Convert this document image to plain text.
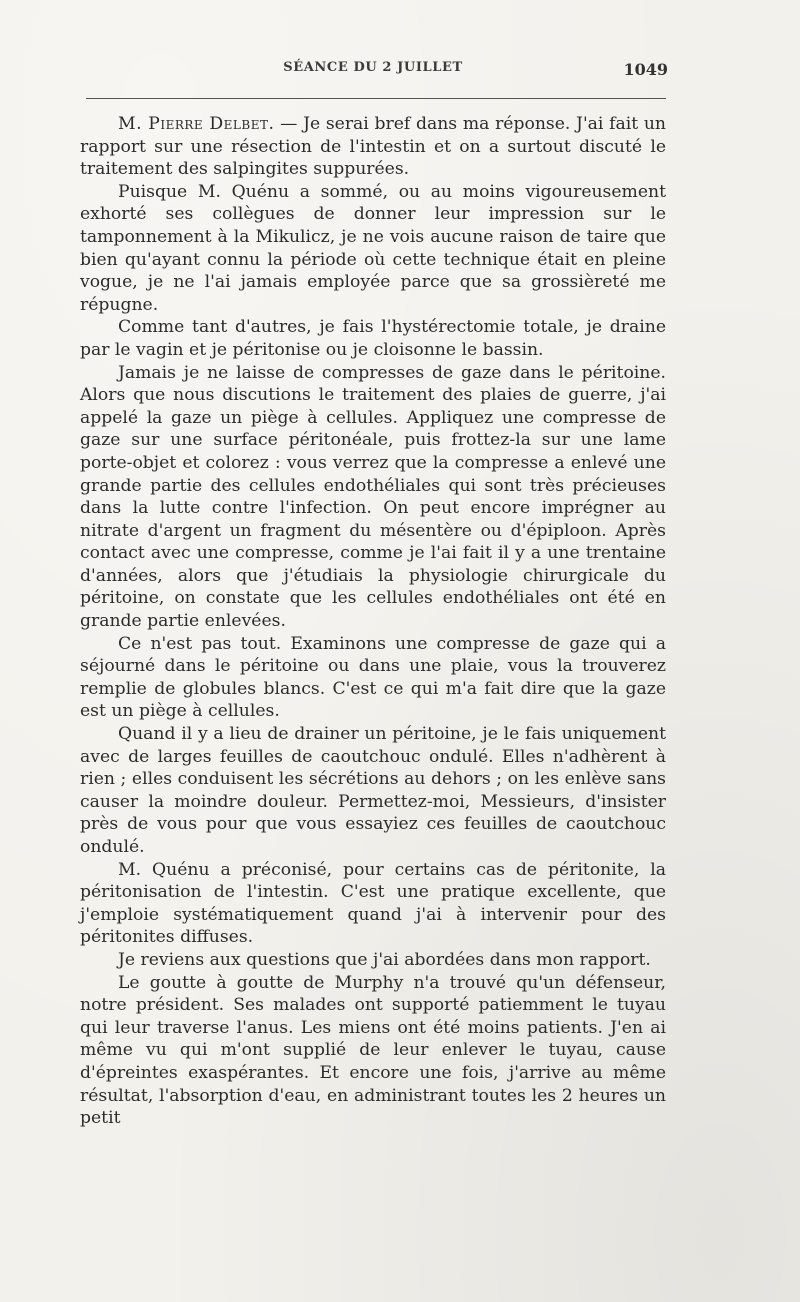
SÉANCE DU 2 JUILLET	1049

M. Pierre Delbet. — Je serai bref dans ma réponse. J'ai fait un rapport sur une résection de l'intestin et on a surtout discuté le traitement des salpingites suppurées.

Puisque M. Quénu a sommé, ou au moins vigoureusement exhorté ses collègues de donner leur impression sur le tamponnement à la Mikulicz, je ne vois aucune raison de taire que bien qu'ayant connu la période où cette technique était en pleine vogue, je ne l'ai jamais employée parce que sa grossièreté me répugne.

Comme tant d'autres, je fais l'hystérectomie totale, je draine par le vagin et je péritonise ou je cloisonne le bassin.

Jamais je ne laisse de compresses de gaze dans le péritoine. Alors que nous discutions le traitement des plaies de guerre, j'ai appelé la gaze un piège à cellules. Appliquez une compresse de gaze sur une surface péritonéale, puis frottez-la sur une lame porte-objet et colorez : vous verrez que la compresse a enlevé une grande partie des cellules endothéliales qui sont très précieuses dans la lutte contre l'infection. On peut encore imprégner au nitrate d'argent un fragment du mésentère ou d'épiploon. Après contact avec une compresse, comme je l'ai fait il y a une trentaine d'années, alors que j'étudiais la physiologie chirurgicale du péritoine, on constate que les cellules endothéliales ont été en grande partie enlevées.

Ce n'est pas tout. Examinons une compresse de gaze qui a séjourné dans le péritoine ou dans une plaie, vous la trouverez remplie de globules blancs. C'est ce qui m'a fait dire que la gaze est un piège à cellules.

Quand il y a lieu de drainer un péritoine, je le fais uniquement avec de larges feuilles de caoutchouc ondulé. Elles n'adhèrent à rien ; elles conduisent les sécrétions au dehors ; on les enlève sans causer la moindre douleur. Permettez-moi, Messieurs, d'insister près de vous pour que vous essayiez ces feuilles de caoutchouc ondulé.

M. Quénu a préconisé, pour certains cas de péritonite, la péritonisation de l'intestin. C'est une pratique excellente, que j'emploie systématiquement quand j'ai à intervenir pour des péritonites diffuses.

Je reviens aux questions que j'ai abordées dans mon rapport.

Le goutte à goutte de Murphy n'a trouvé qu'un défenseur, notre président. Ses malades ont supporté patiemment le tuyau qui leur traverse l'anus. Les miens ont été moins patients. J'en ai même vu qui m'ont supplié de leur enlever le tuyau, cause d'épreintes exaspérantes. Et encore une fois, j'arrive au même résultat, l'absorption d'eau, en administrant toutes les 2 heures un petit
